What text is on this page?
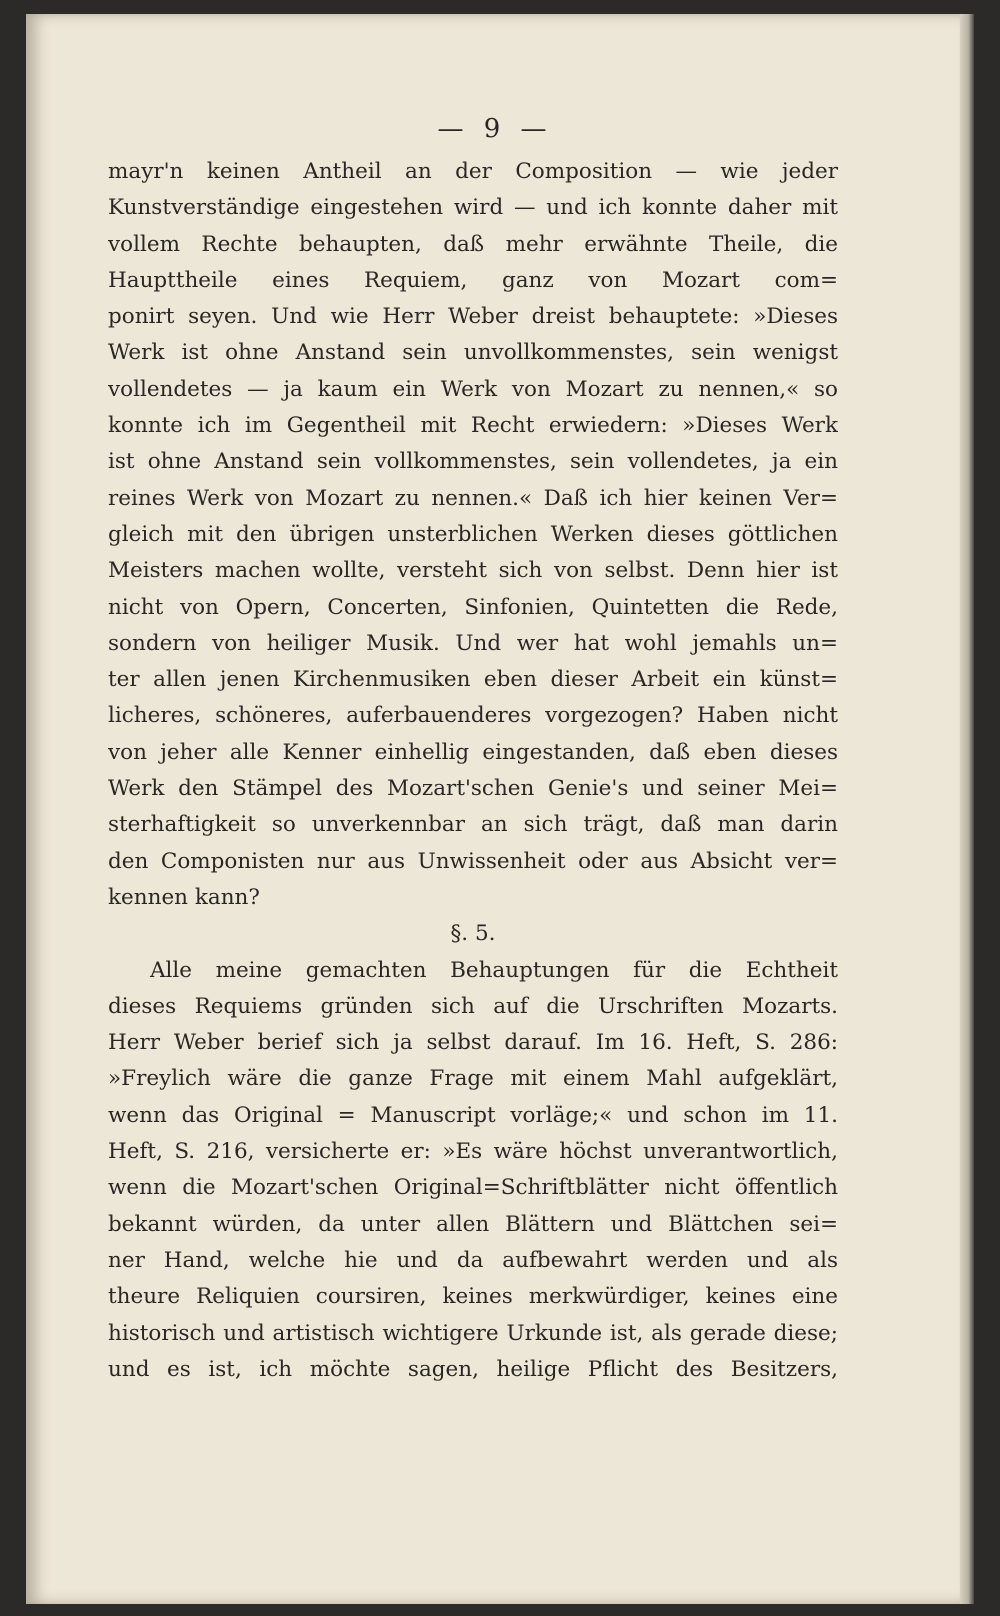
— 9 —
mayr'n keinen Antheil an der Composition — wie jeder
Kunstverständige eingestehen wird — und ich konnte daher mit
vollem Rechte behaupten, daß mehr erwähnte Theile, die
Haupttheile eines Requiem, ganz von Mozart com=
ponirt seyen. Und wie Herr Weber dreist behauptete: »Dieses
Werk ist ohne Anstand sein unvollkommenstes, sein wenigst
vollendetes — ja kaum ein Werk von Mozart zu nennen,« so
konnte ich im Gegentheil mit Recht erwiedern: »Dieses Werk
ist ohne Anstand sein vollkommenstes, sein vollendetes, ja ein
reines Werk von Mozart zu nennen.« Daß ich hier keinen Ver=
gleich mit den übrigen unsterblichen Werken dieses göttlichen
Meisters machen wollte, versteht sich von selbst. Denn hier ist
nicht von Opern, Concerten, Sinfonien, Quintetten die Rede,
sondern von heiliger Musik. Und wer hat wohl jemahls un=
ter allen jenen Kirchenmusiken eben dieser Arbeit ein künst=
licheres, schöneres, auferbauenderes vorgezogen? Haben nicht
von jeher alle Kenner einhellig eingestanden, daß eben dieses
Werk den Stämpel des Mozart'schen Genie's und seiner Mei=
sterhaftigkeit so unverkennbar an sich trägt, daß man darin
den Componisten nur aus Unwissenheit oder aus Absicht ver=
kennen kann?
§. 5.
Alle meine gemachten Behauptungen für die Echtheit
dieses Requiems gründen sich auf die Urschriften Mozarts.
Herr Weber berief sich ja selbst darauf. Im 16. Heft, S. 286:
»Freylich wäre die ganze Frage mit einem Mahl aufgeklärt,
wenn das Original = Manuscript vorläge;« und schon im 11.
Heft, S. 216, versicherte er: »Es wäre höchst unverantwortlich,
wenn die Mozart'schen Original=Schriftblätter nicht öffentlich
bekannt würden, da unter allen Blättern und Blättchen sei=
ner Hand, welche hie und da aufbewahrt werden und als
theure Reliquien coursiren, keines merkwürdiger, keines eine
historisch und artistisch wichtigere Urkunde ist, als gerade diese;
und es ist, ich möchte sagen, heilige Pflicht des Besitzers,
